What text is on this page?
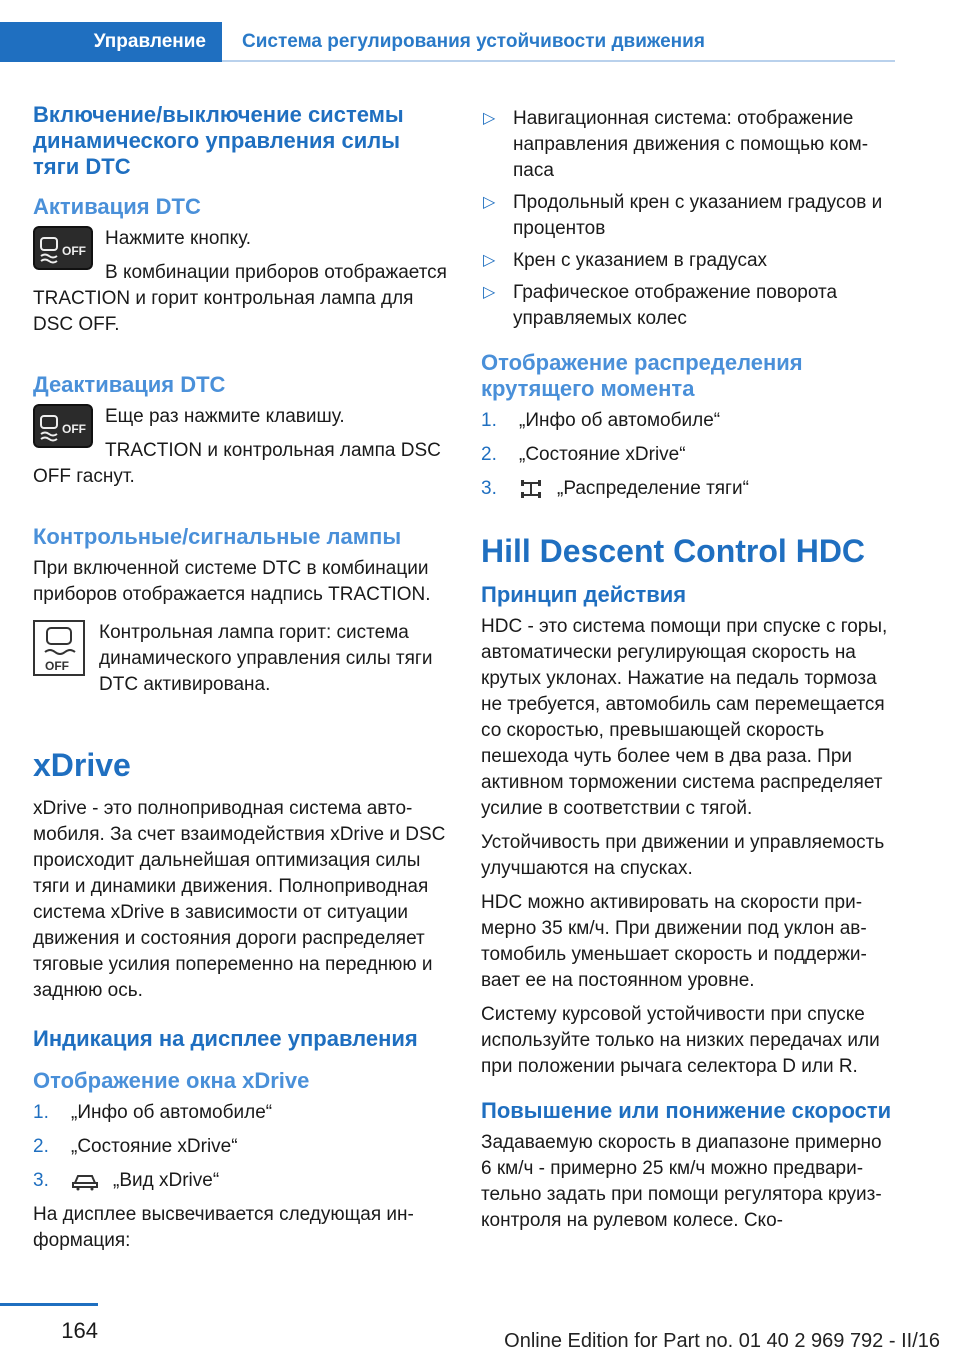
Управление	Система регулирования устойчивости движения
Включение/выключение системы динамического управления силы тяги DTC
Активация DTC
OFF
Нажмите кнопку.
В комбинации приборов отображается TRACTION и горит контрольная лампа для DSC OFF.
Деактивация DTC
OFF
Еще раз нажмите клавишу.
TRACTION и контрольная лампа DSC OFF гаснут.
Контрольные/сигнальные лампы
При включенной системе DTC в комбинации приборов отображается надпись TRACTION.
OFF
Контрольная лампа горит: система динамического управления силы тяги DTC активирована.
xDrive
xDrive - это полноприводная система автомобиля. За счет взаимодействия xDrive и DSC происходит дальнейшая оптимизация силы тяги и динамики движения. Полноприводная система xDrive в зависимости от ситуации движения и состояния дороги распределяет тяговые усилия попеременно на переднюю и заднюю ось.
Индикация на дисплее управления
Отображение окна xDrive
1. „Инфо об автомобиле“
2. „Состояние xDrive“
3.	„Вид xDrive“
На дисплее высвечивается следующая информация:
▷ Навигационная система: отображение направления движения с помощью компаса
▷ Продольный крен с указанием градусов и процентов
▷ Крен с указанием в градусах
▷ Графическое отображение поворота управляемых колес
Отображение распределения крутящего момента
1. „Инфо об автомобиле“
2. „Состояние xDrive“
3.	„Распределение тяги“
Hill Descent Control HDC
Принцип действия
HDC - это система помощи при спуске с горы, автоматически регулирующая скорость на крутых уклонах. Нажатие на педаль тормоза не требуется, автомобиль сам перемещается со скоростью, превышающей скорость пешехода чуть более чем в два раза. При активном торможении система распределяет усилие в соответствии с тягой.
Устойчивость при движении и управляемость улучшаются на спусках.
HDC можно активировать на скорости примерно 35 км/ч. При движении под уклон автомобиль уменьшает скорость и поддерживает ее на постоянном уровне.
Систему курсовой устойчивости при спуске используйте только на низких передачах или при положении рычага селектора D или R.
Повышение или понижение скорости
Задаваемую скорость в диапазоне примерно 6 км/ч - примерно 25 км/ч можно предварительно задать при помощи регулятора круиз-контроля на рулевом колесе. Ско-
164	Online Edition for Part no. 01 40 2 969 792 - II/16
